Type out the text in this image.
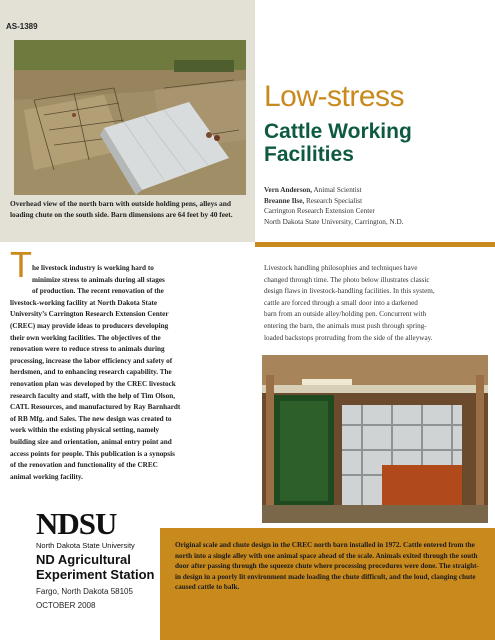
AS-1389
Overhead view of the north barn with outside holding pens, alleys and loading chute on the south side. Barn dimensions are 64 feet by 40 feet.
Low-stress
Cattle Working
Facilities
Vern Anderson, Animal Scientist
Breanne Ilse, Research Specialist
Carrington Research Extension Center
North Dakota State University, Carrington, N.D.
T he livestock industry is working hard to
minimize stress to animals during all stages
of production. The recent renovation of the
livestock-working facility at North Dakota State
University’s Carrington Research Extension Center
(CREC) may provide ideas to producers developing
their own working facilities. The objectives of the
renovation were to reduce stress to animals during
processing, increase the labor efficiency and safety of
herdsmen, and to enhancing research capability. The
renovation plan was developed by the CREC livestock
research faculty and staff, with the help of Tim Olson,
CATL Resources, and manufactured by Ray Barnhardt
of RB Mfg. and Sales. The new design was created to
work within the existing physical setting, namely
building size and orientation, animal entry point and
access points for people. This publication is a synopsis
of the renovation and functionality of the CREC
animal working facility.
Livestock handling philosophies and techniques have
changed through time. The photo below illustrates classic
design flaws in livestock-handling facilities. In this system,
cattle are forced through a small door into a darkened
barn from an outside alley/holding pen. Concurrent with
entering the barn, the animals must push through spring-
loaded backstops protruding from the side of the alleyway.
Original scale and chute design in the CREC north barn installed in 1972. Cattle entered from the north into a single alley with one animal space ahead of the scale. Animals exited through the south door after passing through the squeeze chute where processing procedures were done. The straight-in design in a poorly lit environment made loading the chute difficult, and the loud, clanging chute caused cattle to balk.
NDSU
North Dakota State University
ND Agricultural
Experiment Station
Fargo, North Dakota 58105
OCTOBER 2008
